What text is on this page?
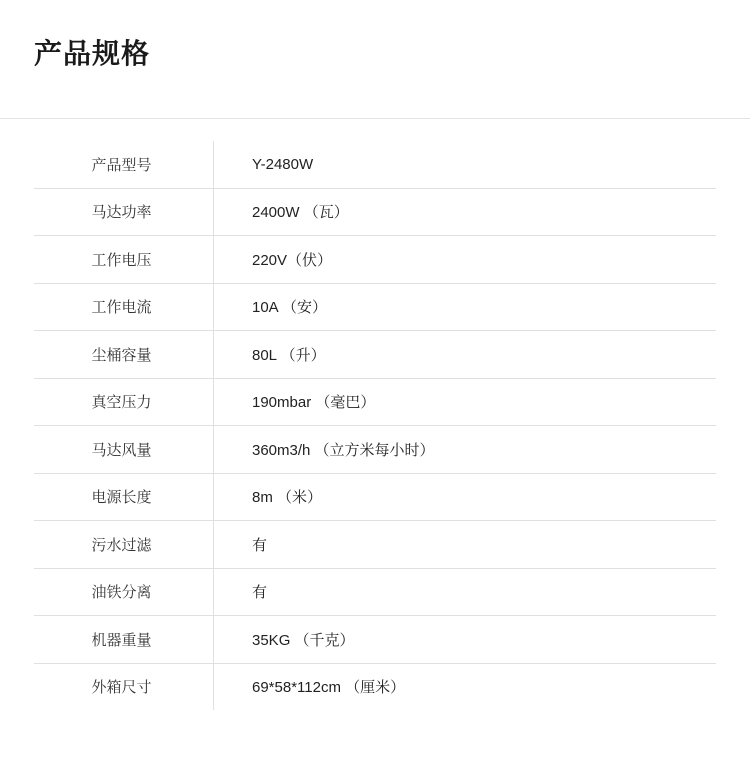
产品规格
产品型号	Y-2480W
马达功率	2400W （瓦）
工作电压	220V（伏）
工作电流	10A （安）
尘桶容量	80L （升）
真空压力	190mbar （毫巴）
马达风量	360m3/h （立方米每小时）
电源长度	8m （米）
污水过滤	有
油铁分离	有
机器重量	35KG （千克）
外箱尺寸	69*58*112cm （厘米）
